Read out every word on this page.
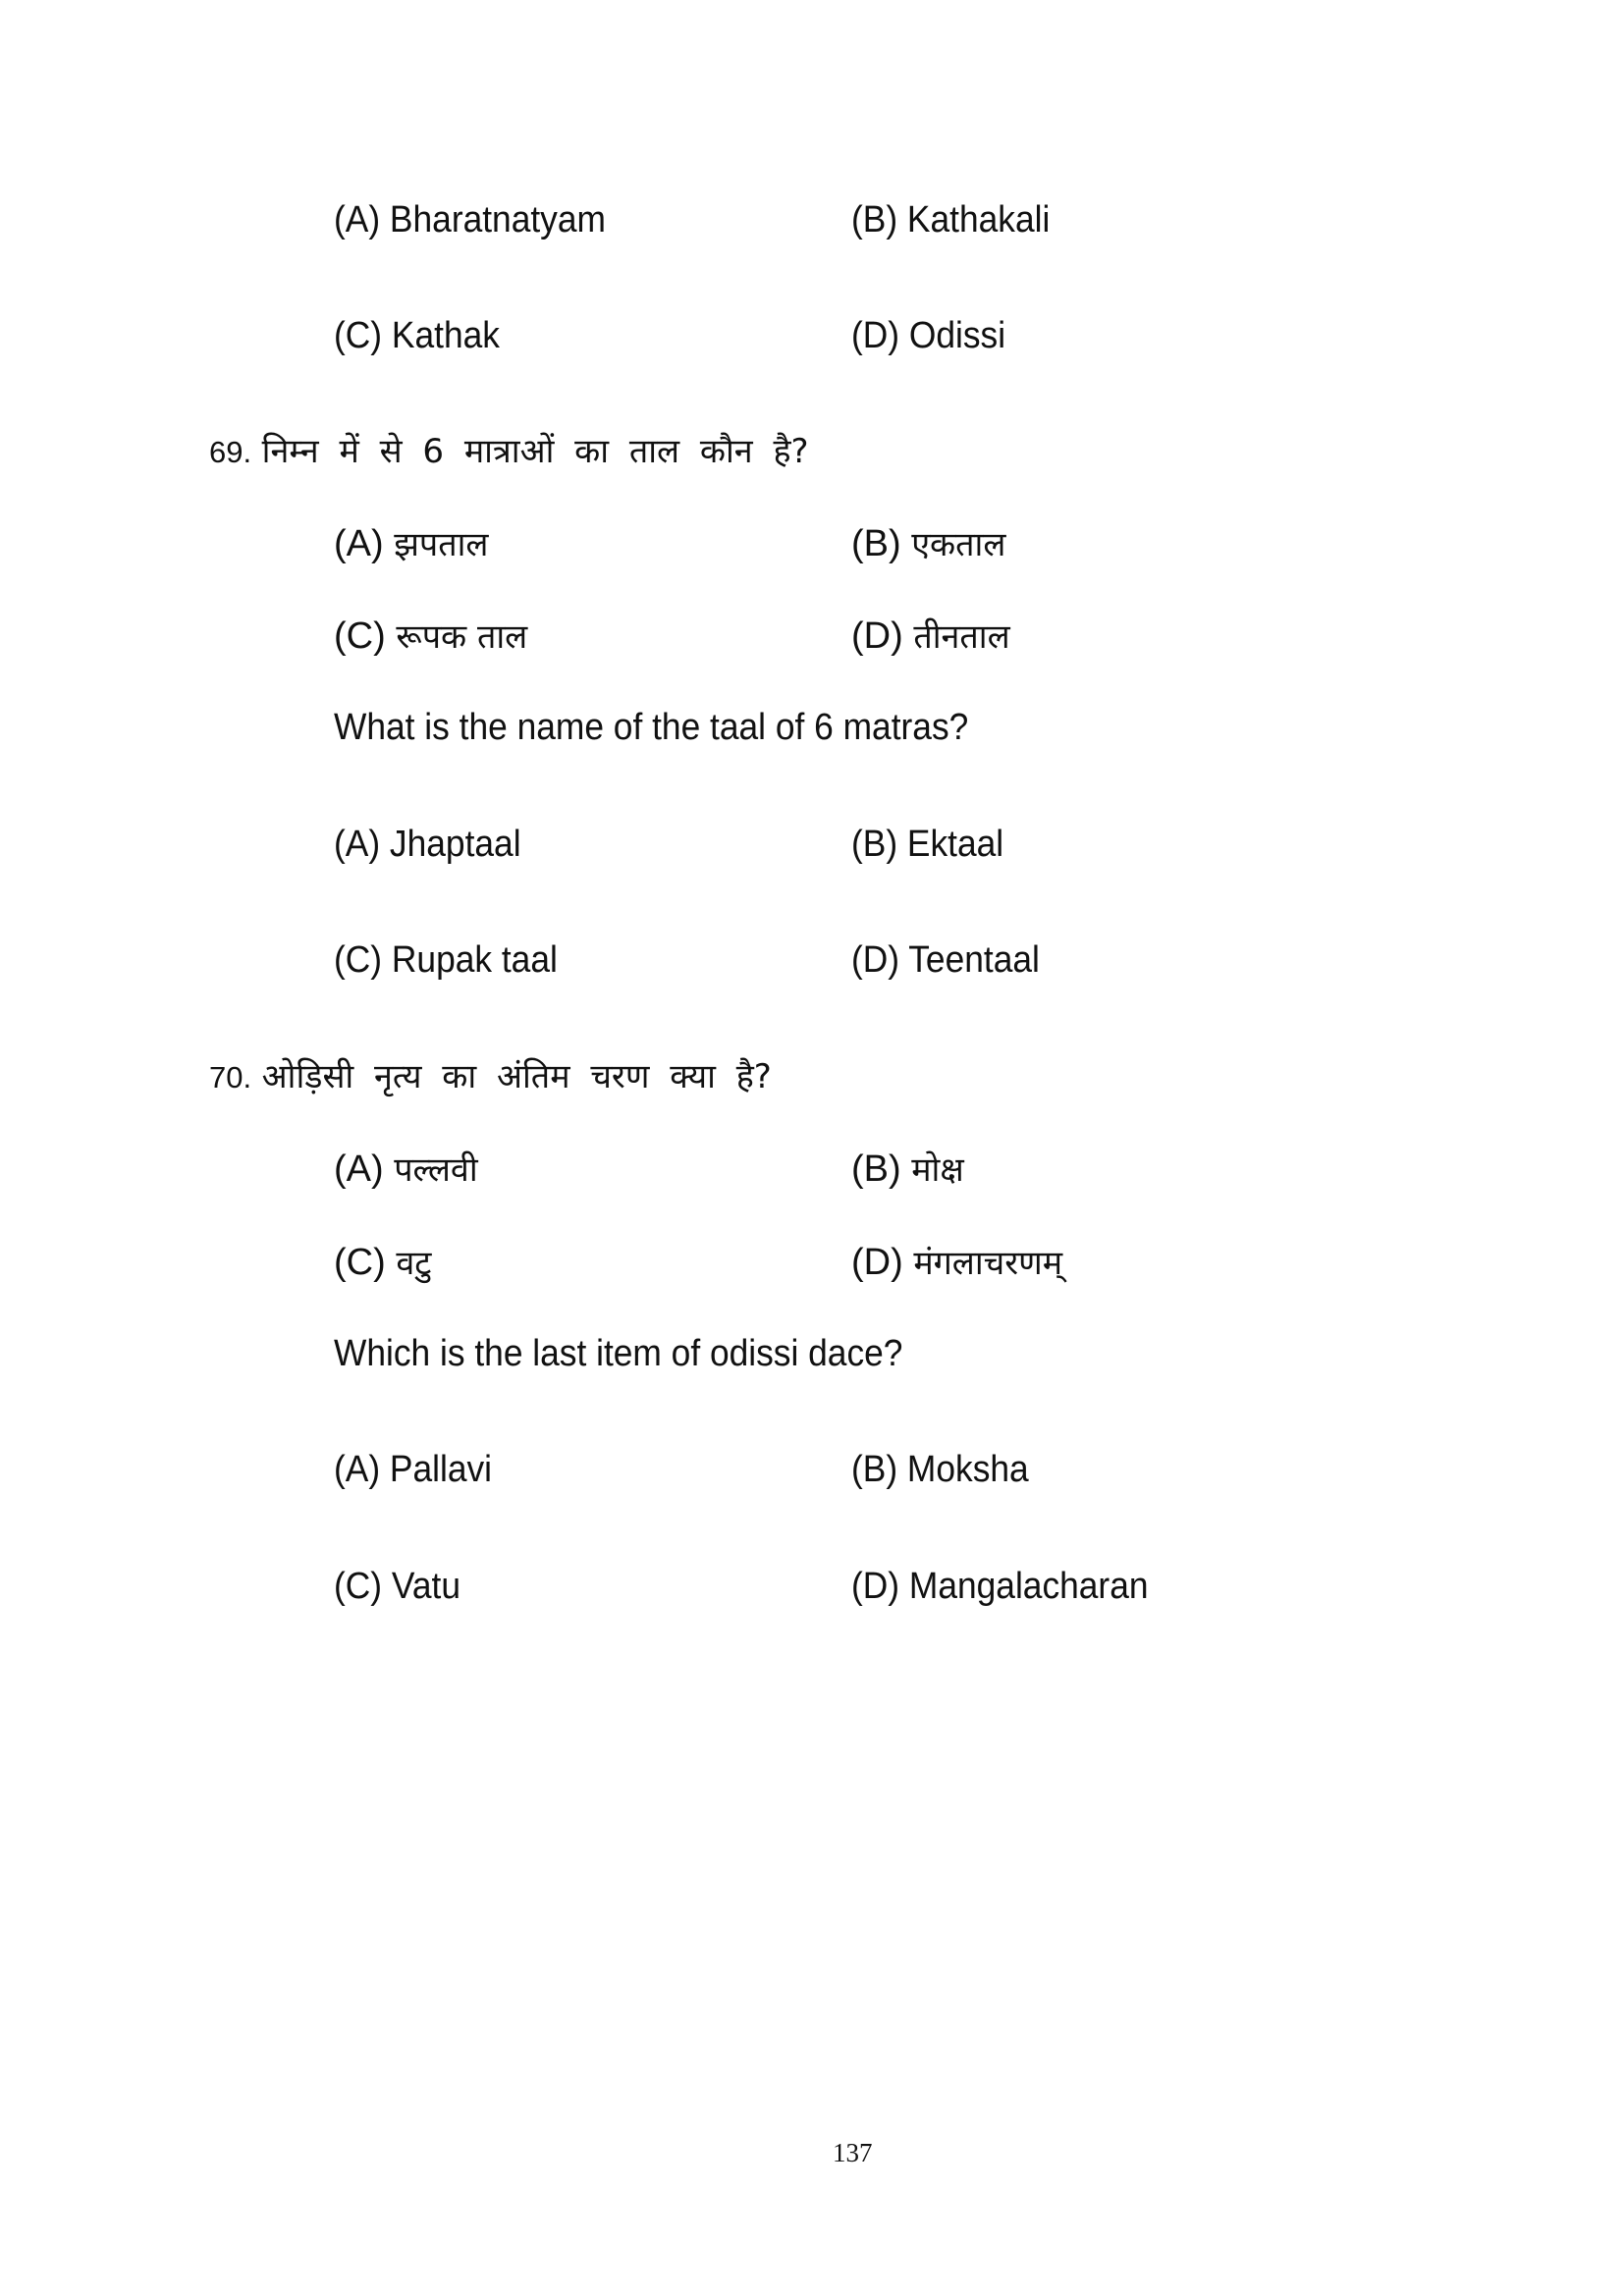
(A) Bharatnatyam	(B) Kathakali
(C) Kathak	(D) Odissi
69. निम्न में से 6 मात्राओं का ताल कौन है?
(A) झपताल	(B) एकताल
(C) रूपक ताल	(D) तीनताल
What is the name of the taal of 6 matras?
(A) Jhaptaal	(B) Ektaal
(C) Rupak taal	(D) Teentaal
70. ओड़िसी नृत्य का अंतिम चरण क्या है?
(A) पल्लवी	(B) मोक्ष
(C) वटु	(D) मंगलाचरणम्
Which is the last item of odissi dace?
(A) Pallavi	(B) Moksha
(C) Vatu	(D) Mangalacharan
137
